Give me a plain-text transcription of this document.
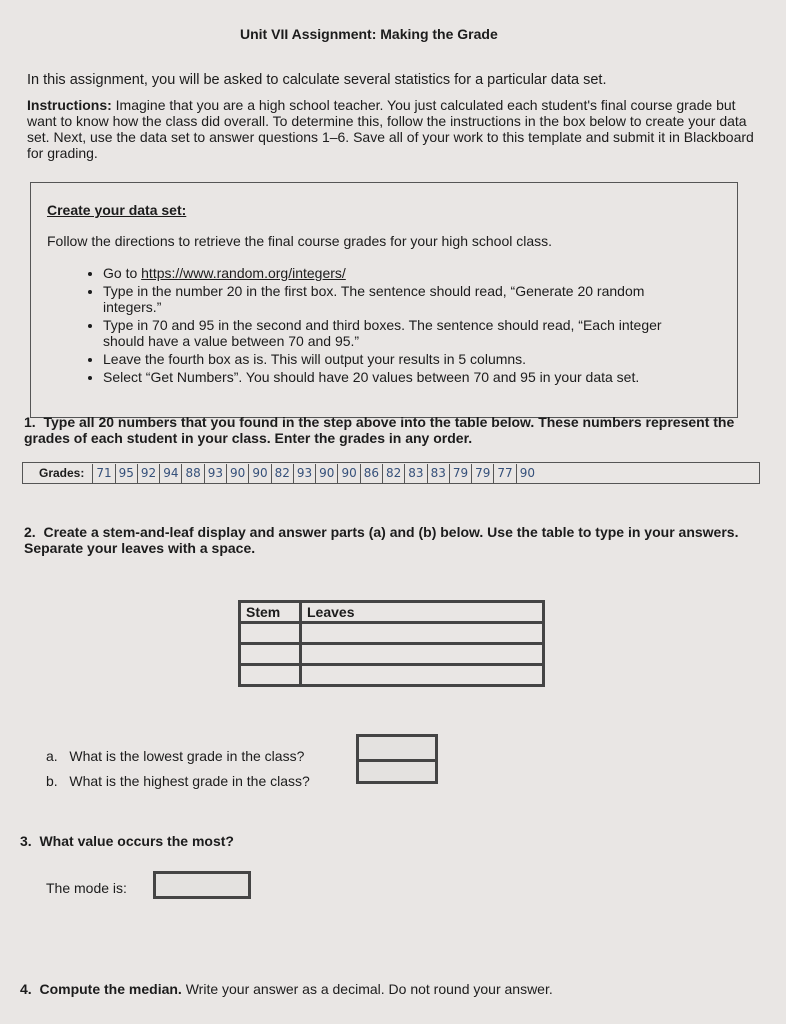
Unit VII Assignment: Making the Grade
In this assignment, you will be asked to calculate several statistics for a particular data set.
Instructions: Imagine that you are a high school teacher. You just calculated each student's final course grade but want to know how the class did overall. To determine this, follow the instructions in the box below to create your data set. Next, use the data set to answer questions 1–6. Save all of your work to this template and submit it in Blackboard for grading.
Create your data set:
Follow the directions to retrieve the final course grades for your high school class.
• Go to https://www.random.org/integers/
• Type in the number 20 in the first box. The sentence should read, “Generate 20 random integers.”
• Type in 70 and 95 in the second and third boxes. The sentence should read, “Each integer should have a value between 70 and 95.”
• Leave the fourth box as is. This will output your results in 5 columns.
• Select “Get Numbers”. You should have 20 values between 70 and 95 in your data set.
1. Type all 20 numbers that you found in the step above into the table below. These numbers represent the grades of each student in your class. Enter the grades in any order.
Grades:	71 95 92 94 88 93 90 90 82 93 90 90 86 82 83 83 79 79 77 90
2. Create a stem-and-leaf display and answer parts (a) and (b) below. Use the table to type in your answers. Separate your leaves with a space.
Stem	Leaves

a. What is the lowest grade in the class?
b. What is the highest grade in the class?
3. What value occurs the most?
The mode is:
4. Compute the median. Write your answer as a decimal. Do not round your answer.
